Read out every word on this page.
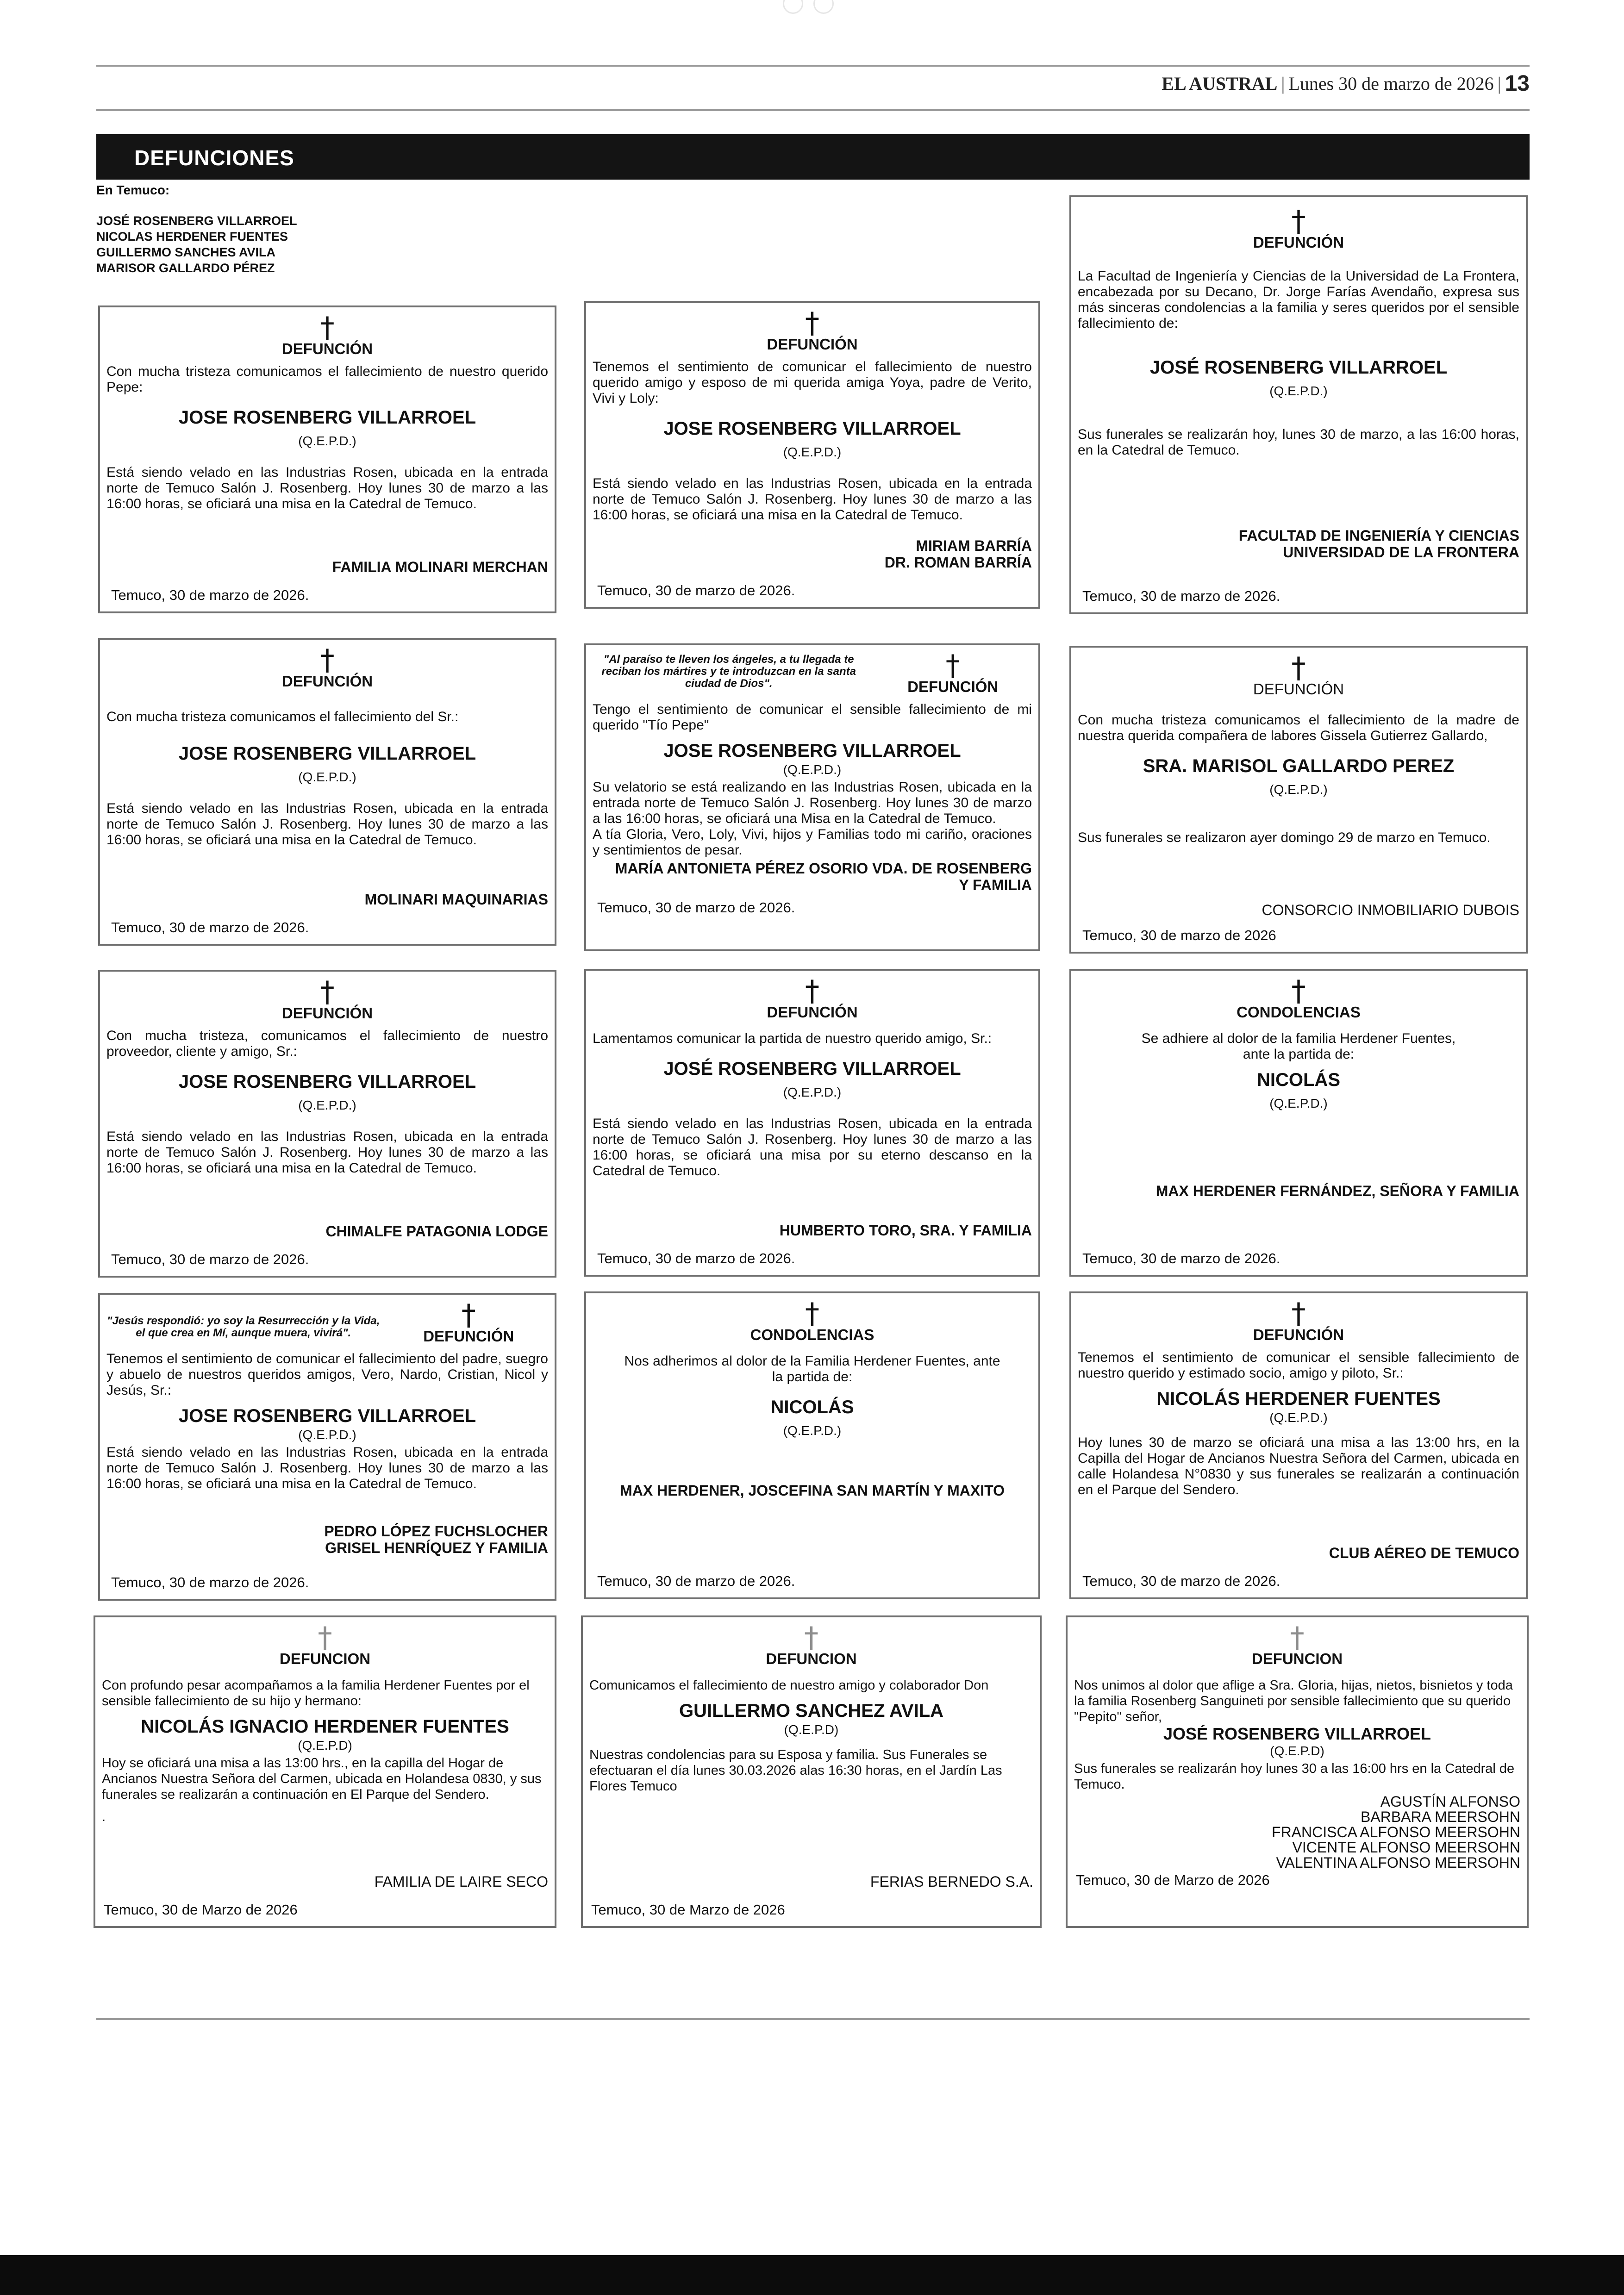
EL AUSTRAL | Lunes 30 de marzo de 2026 | 13
DEFUNCIONES
En Temuco:
JOSÉ ROSENBERG VILLARROEL
NICOLAS HERDENER FUENTES
GUILLERMO SANCHES AVILA
MARISOR GALLARDO PÉREZ
†
DEFUNCIÓN
Con mucha tristeza comunicamos el fallecimiento de nuestro querido Pepe:
JOSE ROSENBERG VILLARROEL
(Q.E.P.D.)
Está siendo velado en las Industrias Rosen, ubicada en la entrada norte de Temuco Salón J. Rosenberg. Hoy lunes 30 de marzo a las 16:00 horas, se oficiará una misa en la Catedral de Temuco.
FAMILIA MOLINARI MERCHAN
Temuco, 30 de marzo de 2026.
†
DEFUNCIÓN
Tenemos el sentimiento de comunicar el fallecimiento de nuestro querido amigo y esposo de mi querida amiga Yoya, padre de Verito, Vivi y Loly:
JOSE ROSENBERG VILLARROEL
(Q.E.P.D.)
Está siendo velado en las Industrias Rosen, ubicada en la entrada norte de Temuco Salón J. Rosenberg. Hoy lunes 30 de marzo a las 16:00 horas, se oficiará una misa en la Catedral de Temuco.
MIRIAM BARRÍA
DR. ROMAN BARRÍA
Temuco, 30 de marzo de 2026.
†
DEFUNCIÓN
La Facultad de Ingeniería y Ciencias de la Universidad de La Frontera, encabezada por su Decano, Dr. Jorge Farías Avendaño, expresa sus más sinceras condolencias a la familia y seres queridos por el sensible fallecimiento de:
JOSÉ ROSENBERG VILLARROEL
(Q.E.P.D.)
Sus funerales se realizarán hoy, lunes 30 de marzo, a las 16:00 horas, en la Catedral de Temuco.
FACULTAD DE INGENIERÍA Y CIENCIAS
UNIVERSIDAD DE LA FRONTERA
Temuco, 30 de marzo de 2026.
†
DEFUNCIÓN
Con mucha tristeza comunicamos el fallecimiento del Sr.:
JOSE ROSENBERG VILLARROEL
(Q.E.P.D.)
Está siendo velado en las Industrias Rosen, ubicada en la entrada norte de Temuco Salón J. Rosenberg. Hoy lunes 30 de marzo a las 16:00 horas, se oficiará una misa en la Catedral de Temuco.
MOLINARI MAQUINARIAS
Temuco, 30 de marzo de 2026.
"Al paraíso te lleven los ángeles, a tu llegada te reciban los mártires y te introduzcan en la santa ciudad de Dios".
†
DEFUNCIÓN
Tengo el sentimiento de comunicar el sensible fallecimiento de mi querido "Tío Pepe"
JOSE ROSENBERG VILLARROEL
(Q.E.P.D.)
Su velatorio se está realizando en las Industrias Rosen, ubicada en la entrada norte de Temuco Salón J. Rosenberg. Hoy lunes 30 de marzo a las 16:00 horas, se oficiará una Misa en la Catedral de Temuco.
A tía Gloria, Vero, Loly, Vivi, hijos y Familias todo mi cariño, oraciones y sentimientos de pesar.
MARÍA ANTONIETA PÉREZ OSORIO VDA. DE ROSENBERG
Y FAMILIA
Temuco, 30 de marzo de 2026.
†
DEFUNCIÓN
Con mucha tristeza comunicamos el fallecimiento de la madre de nuestra querida compañera de labores Gissela Gutierrez Gallardo,
SRA. MARISOL GALLARDO PEREZ
(Q.E.P.D.)
Sus funerales se realizaron ayer domingo 29 de marzo en Temuco.
CONSORCIO INMOBILIARIO DUBOIS
Temuco, 30 de marzo de 2026
†
DEFUNCIÓN
Con mucha tristeza, comunicamos el fallecimiento de nuestro proveedor, cliente y amigo, Sr.:
JOSE ROSENBERG VILLARROEL
(Q.E.P.D.)
Está siendo velado en las Industrias Rosen, ubicada en la entrada norte de Temuco Salón J. Rosenberg. Hoy lunes 30 de marzo a las 16:00 horas, se oficiará una misa en la Catedral de Temuco.
CHIMALFE PATAGONIA LODGE
Temuco, 30 de marzo de 2026.
†
DEFUNCIÓN
Lamentamos comunicar la partida de nuestro querido amigo, Sr.:
JOSÉ ROSENBERG VILLARROEL
(Q.E.P.D.)
Está siendo velado en las Industrias Rosen, ubicada en la entrada norte de Temuco Salón J. Rosenberg. Hoy lunes 30 de marzo a las 16:00 horas, se oficiará una misa por su eterno descanso en la Catedral de Temuco.
HUMBERTO TORO, SRA. Y FAMILIA
Temuco, 30 de marzo de 2026.
†
CONDOLENCIAS
Se adhiere al dolor de la familia Herdener Fuentes, ante la partida de:
NICOLÁS
(Q.E.P.D.)
MAX HERDENER FERNÁNDEZ, SEÑORA Y FAMILIA
Temuco, 30 de marzo de 2026.
"Jesús respondió: yo soy la Resurrección y la Vida, el que crea en Mí, aunque muera, vivirá".
†
DEFUNCIÓN
Tenemos el sentimiento de comunicar el fallecimiento del padre, suegro y abuelo de nuestros queridos amigos, Vero, Nardo, Cristian, Nicol y Jesús, Sr.:
JOSE ROSENBERG VILLARROEL
(Q.E.P.D.)
Está siendo velado en las Industrias Rosen, ubicada en la entrada norte de Temuco Salón J. Rosenberg. Hoy lunes 30 de marzo a las 16:00 horas, se oficiará una misa en la Catedral de Temuco.
PEDRO LÓPEZ FUCHSLOCHER
GRISEL HENRÍQUEZ Y FAMILIA
Temuco, 30 de marzo de 2026.
†
CONDOLENCIAS
Nos adherimos al dolor de la Familia Herdener Fuentes, ante la partida de:
NICOLÁS
(Q.E.P.D.)
MAX HERDENER, JOSCEFINA SAN MARTÍN Y MAXITO
Temuco, 30 de marzo de 2026.
†
DEFUNCIÓN
Tenemos el sentimiento de comunicar el sensible fallecimiento de nuestro querido y estimado socio, amigo y piloto, Sr.:
NICOLÁS HERDENER FUENTES
(Q.E.P.D.)
Hoy lunes 30 de marzo se oficiará una misa a las 13:00 hrs, en la Capilla del Hogar de Ancianos Nuestra Señora del Carmen, ubicada en calle Holandesa N°0830 y sus funerales se realizarán a continuación en el Parque del Sendero.
CLUB AÉREO DE TEMUCO
Temuco, 30 de marzo de 2026.
†
DEFUNCION
Con profundo pesar acompañamos a la familia Herdener Fuentes por el sensible fallecimiento de su hijo y hermano:
NICOLÁS IGNACIO HERDENER FUENTES
(Q.E.P.D)
Hoy se oficiará una misa a las 13:00 hrs., en la capilla del Hogar de Ancianos Nuestra Señora del Carmen, ubicada en Holandesa 0830, y sus funerales se realizarán a continuación en El Parque del Sendero.
.
FAMILIA DE LAIRE SECO
Temuco, 30 de Marzo de 2026
†
DEFUNCION
Comunicamos el fallecimiento de nuestro amigo y colaborador Don
GUILLERMO SANCHEZ AVILA
(Q.E.P.D)
Nuestras condolencias para su Esposa y familia. Sus Funerales se efectuaran el día lunes 30.03.2026 alas 16:30 horas, en el Jardín Las Flores Temuco
FERIAS BERNEDO S.A.
Temuco, 30 de Marzo de 2026
†
DEFUNCION
Nos unimos al dolor que aflige a Sra. Gloria, hijas, nietos, bisnietos y toda la familia Rosenberg Sanguineti por sensible fallecimiento que su querido "Pepito" señor,
JOSÉ ROSENBERG VILLARROEL
(Q.E.P.D)
Sus funerales se realizarán hoy lunes 30 a las 16:00 hrs en la Catedral de Temuco.
AGUSTÍN ALFONSO
BARBARA MEERSOHN
FRANCISCA ALFONSO MEERSOHN
VICENTE ALFONSO MEERSOHN
VALENTINA ALFONSO MEERSOHN
Temuco, 30 de Marzo de 2026
